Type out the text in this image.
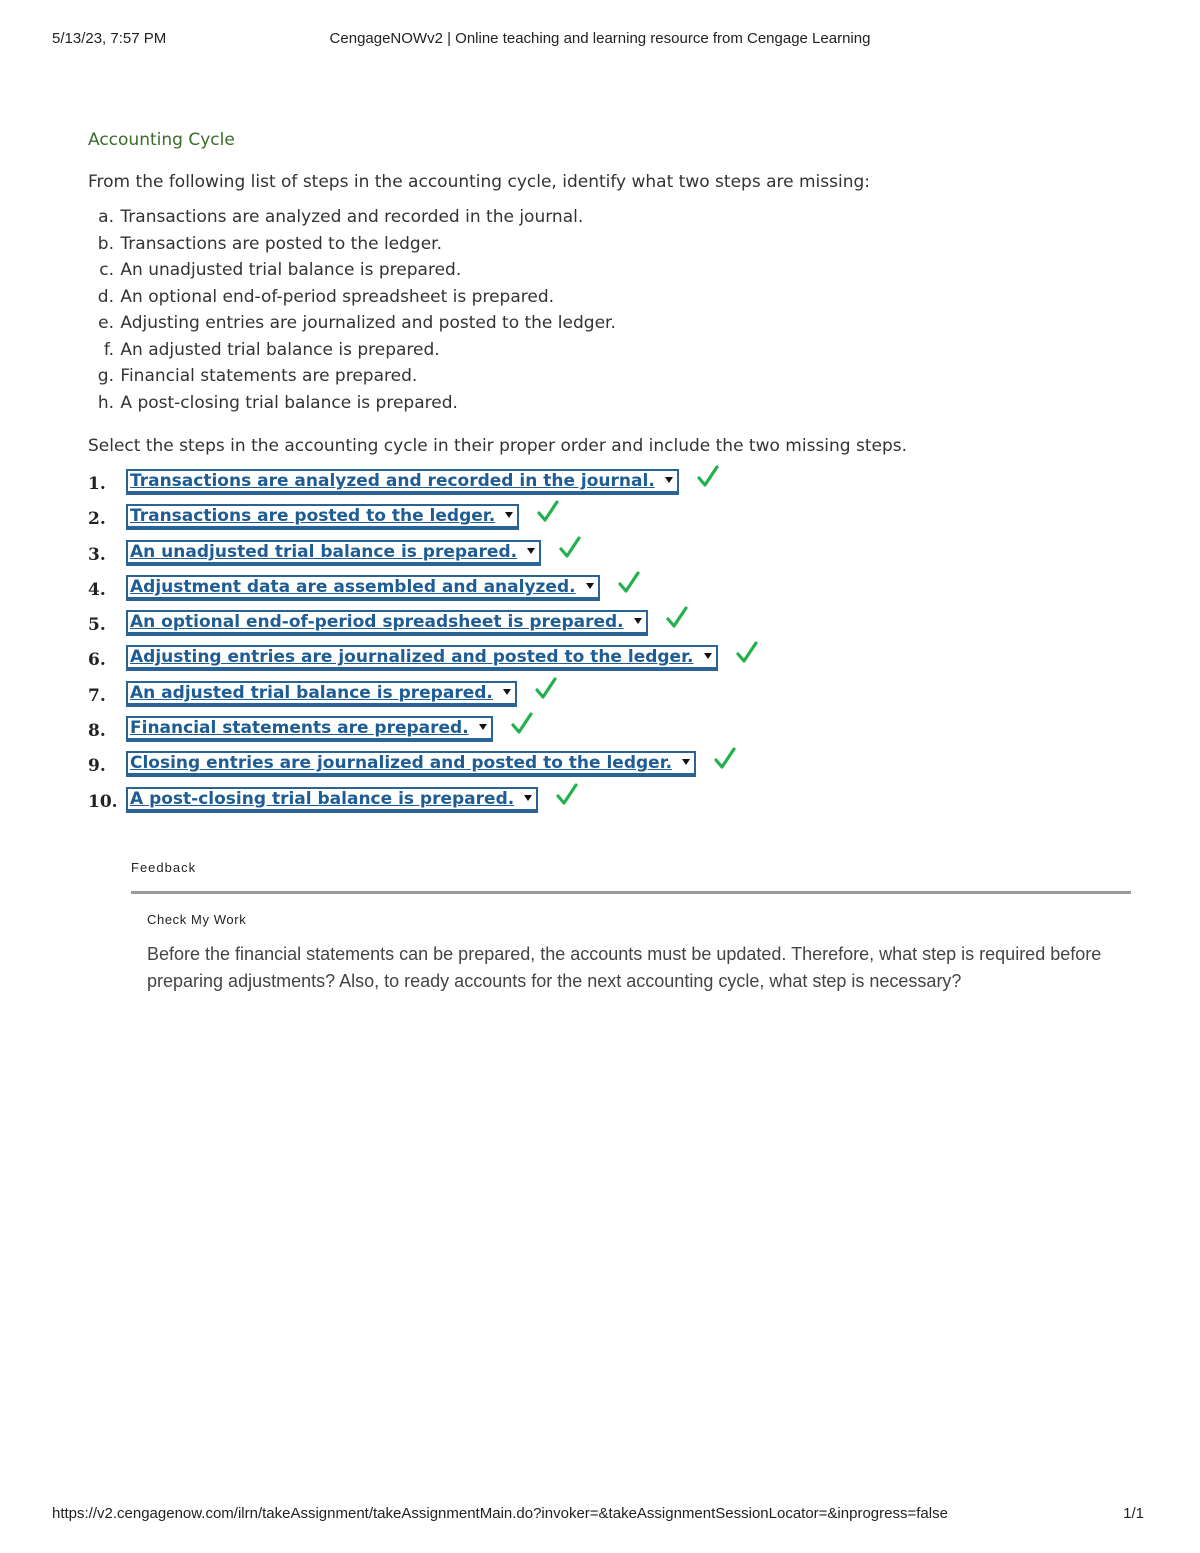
5/13/23, 7:57 PM	CengageNOWv2 | Online teaching and learning resource from Cengage Learning
Accounting Cycle
From the following list of steps in the accounting cycle, identify what two steps are missing:
a. Transactions are analyzed and recorded in the journal.
b. Transactions are posted to the ledger.
c. An unadjusted trial balance is prepared.
d. An optional end-of-period spreadsheet is prepared.
e. Adjusting entries are journalized and posted to the ledger.
f. An adjusted trial balance is prepared.
g. Financial statements are prepared.
h. A post-closing trial balance is prepared.
Select the steps in the accounting cycle in their proper order and include the two missing steps.
1. Transactions are analyzed and recorded in the journal.
2. Transactions are posted to the ledger.
3. An unadjusted trial balance is prepared.
4. Adjustment data are assembled and analyzed.
5. An optional end-of-period spreadsheet is prepared.
6. Adjusting entries are journalized and posted to the ledger.
7. An adjusted trial balance is prepared.
8. Financial statements are prepared.
9. Closing entries are journalized and posted to the ledger.
10. A post-closing trial balance is prepared.
Feedback
Check My Work

Before the financial statements can be prepared, the accounts must be updated. Therefore, what step is required before preparing adjustments? Also, to ready accounts for the next accounting cycle, what step is necessary?

https://v2.cengagenow.com/ilrn/takeAssignment/takeAssignmentMain.do?invoker=&takeAssignmentSessionLocator=&inprogress=false	1/1
